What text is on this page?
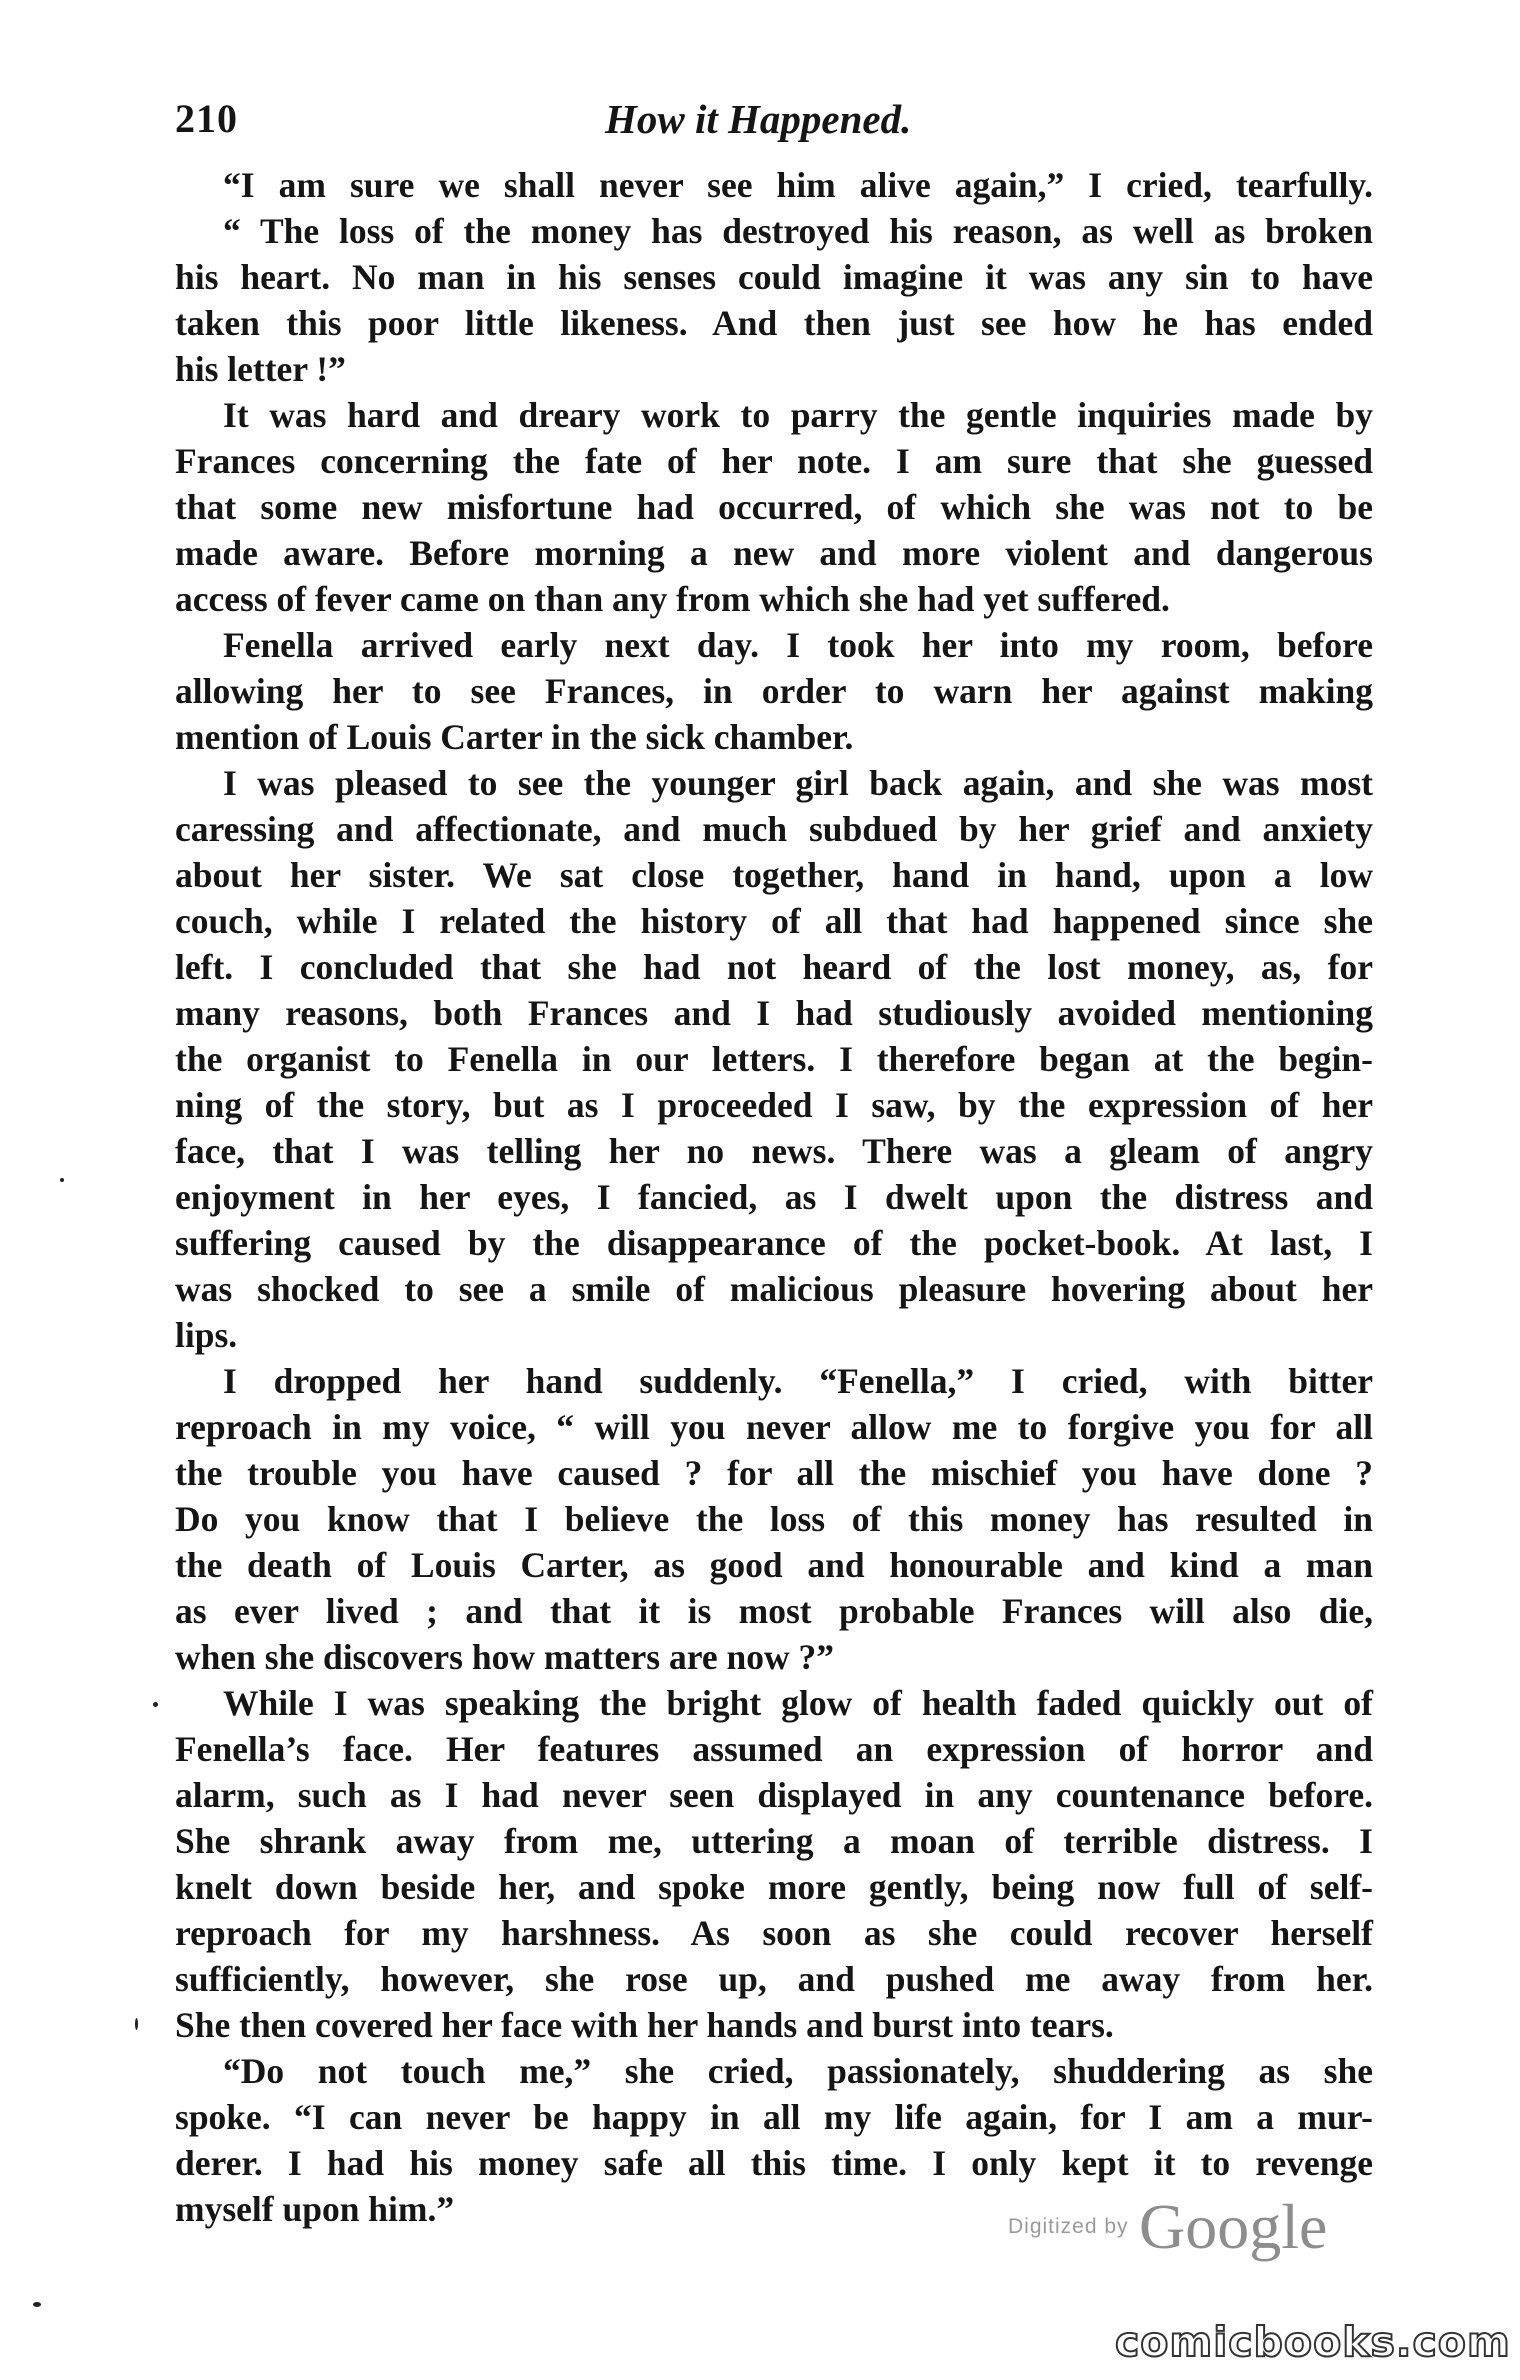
210	How it Happened.
“I am sure we shall never see him alive again,” I cried, tearfully.
“ The loss of the money has destroyed his reason, as well as broken
his heart. No man in his senses could imagine it was any sin to have
taken this poor little likeness. And then just see how he has ended
his letter !”
It was hard and dreary work to parry the gentle inquiries made by
Frances concerning the fate of her note. I am sure that she guessed
that some new misfortune had occurred, of which she was not to be
made aware. Before morning a new and more violent and dangerous
access of fever came on than any from which she had yet suffered.
Fenella arrived early next day. I took her into my room, before
allowing her to see Frances, in order to warn her against making
mention of Louis Carter in the sick chamber.
I was pleased to see the younger girl back again, and she was most
caressing and affectionate, and much subdued by her grief and anxiety
about her sister. We sat close together, hand in hand, upon a low
couch, while I related the history of all that had happened since she
left. I concluded that she had not heard of the lost money, as, for
many reasons, both Frances and I had studiously avoided mentioning
the organist to Fenella in our letters. I therefore began at the begin-
ning of the story, but as I proceeded I saw, by the expression of her
face, that I was telling her no news. There was a gleam of angry
enjoyment in her eyes, I fancied, as I dwelt upon the distress and
suffering caused by the disappearance of the pocket-book. At last, I
was shocked to see a smile of malicious pleasure hovering about her
lips.
I dropped her hand suddenly. “Fenella,” I cried, with bitter
reproach in my voice, “ will you never allow me to forgive you for all
the trouble you have caused ? for all the mischief you have done ?
Do you know that I believe the loss of this money has resulted in
the death of Louis Carter, as good and honourable and kind a man
as ever lived ; and that it is most probable Frances will also die,
when she discovers how matters are now ?”
While I was speaking the bright glow of health faded quickly out of
Fenella’s face. Her features assumed an expression of horror and
alarm, such as I had never seen displayed in any countenance before.
She shrank away from me, uttering a moan of terrible distress. I
knelt down beside her, and spoke more gently, being now full of self-
reproach for my harshness. As soon as she could recover herself
sufficiently, however, she rose up, and pushed me away from her.
She then covered her face with her hands and burst into tears.
“Do not touch me,” she cried, passionately, shuddering as she
spoke. “I can never be happy in all my life again, for I am a mur-
derer. I had his money safe all this time. I only kept it to revenge
myself upon him.”	Digitized by Google
comicbooks.com
